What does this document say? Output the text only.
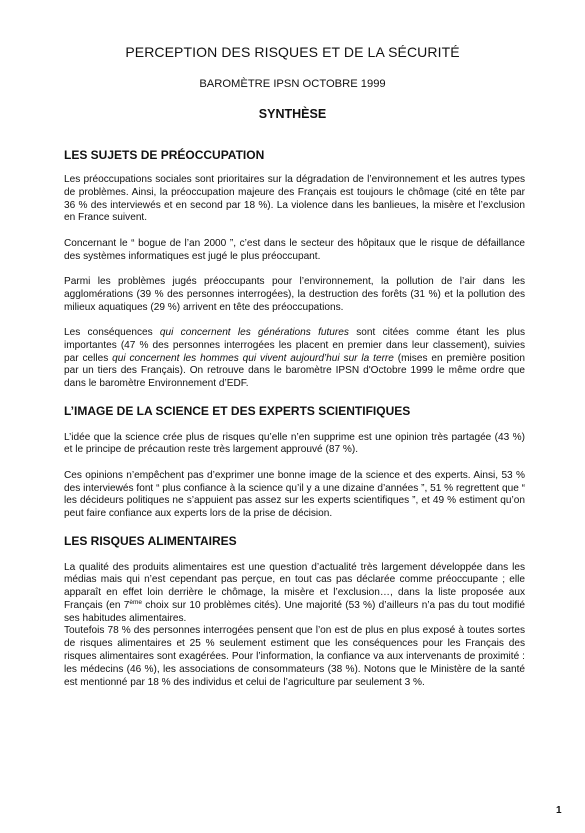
PERCEPTION DES RISQUES ET DE LA SÉCURITÉ
BAROMÈTRE IPSN OCTOBRE 1999
SYNTHÈSE
LES SUJETS DE PRÉOCCUPATION

Les préoccupations sociales sont prioritaires sur la dégradation de l’environnement et les autres types de problèmes. Ainsi, la préoccupation majeure des Français est toujours le chômage (cité en tête par 36 % des interviewés et en second par 18 %). La violence dans les banlieues, la misère et l’exclusion en France suivent.

Concernant le “ bogue de l’an 2000 ”, c’est dans le secteur des hôpitaux que le risque de défaillance des systèmes informatiques est jugé le plus préoccupant.

Parmi les problèmes jugés préoccupants pour l’environnement, la pollution de l’air dans les agglomérations (39 % des personnes interrogées), la destruction des forêts (31 %) et la pollution des milieux aquatiques (29 %) arrivent en tête des préoccupations.

Les conséquences qui concernent les générations futures sont citées comme étant les plus importantes (47 % des personnes interrogées les placent en premier dans leur classement), suivies par celles qui concernent les hommes qui vivent aujourd’hui sur la terre (mises en première position par un tiers des Français). On retrouve dans le baromètre IPSN d'Octobre 1999 le même ordre que dans le baromètre Environnement d’EDF.

L’IMAGE DE LA SCIENCE ET DES EXPERTS SCIENTIFIQUES

L’idée que la science crée plus de risques qu’elle n’en supprime est une opinion très partagée (43 %) et le principe de précaution reste très largement approuvé (87 %).

Ces opinions n’empêchent pas d’exprimer une bonne image de la science et des experts. Ainsi, 53 % des interviewés font “ plus confiance à la science qu’il y a une dizaine d’années ”, 51 % regrettent que “ les décideurs politiques ne s’appuient pas assez sur les experts scientifiques ”, et 49 % estiment qu’on peut faire confiance aux experts lors de la prise de décision.

LES RISQUES ALIMENTAIRES

La qualité des produits alimentaires est une question d’actualité très largement développée dans les médias mais qui n’est cependant pas perçue, en tout cas pas déclarée comme préoccupante ; elle apparaît en effet loin derrière le chômage, la misère et l’exclusion…, dans la liste proposée aux Français (en 7ème choix sur 10 problèmes cités). Une majorité (53 %) d’ailleurs n’a pas du tout modifié ses habitudes alimentaires.

Toutefois 78 % des personnes interrogées pensent que l’on est de plus en plus exposé à toutes sortes de risques alimentaires et 25 % seulement estiment que les conséquences pour les Français des risques alimentaires sont exagérées. Pour l’information, la confiance va aux intervenants de proximité : les médecins (46 %), les associations de consommateurs (38 %). Notons que le Ministère de la santé est mentionné par 18 % des individus et celui de l’agriculture par seulement 3 %.

1
